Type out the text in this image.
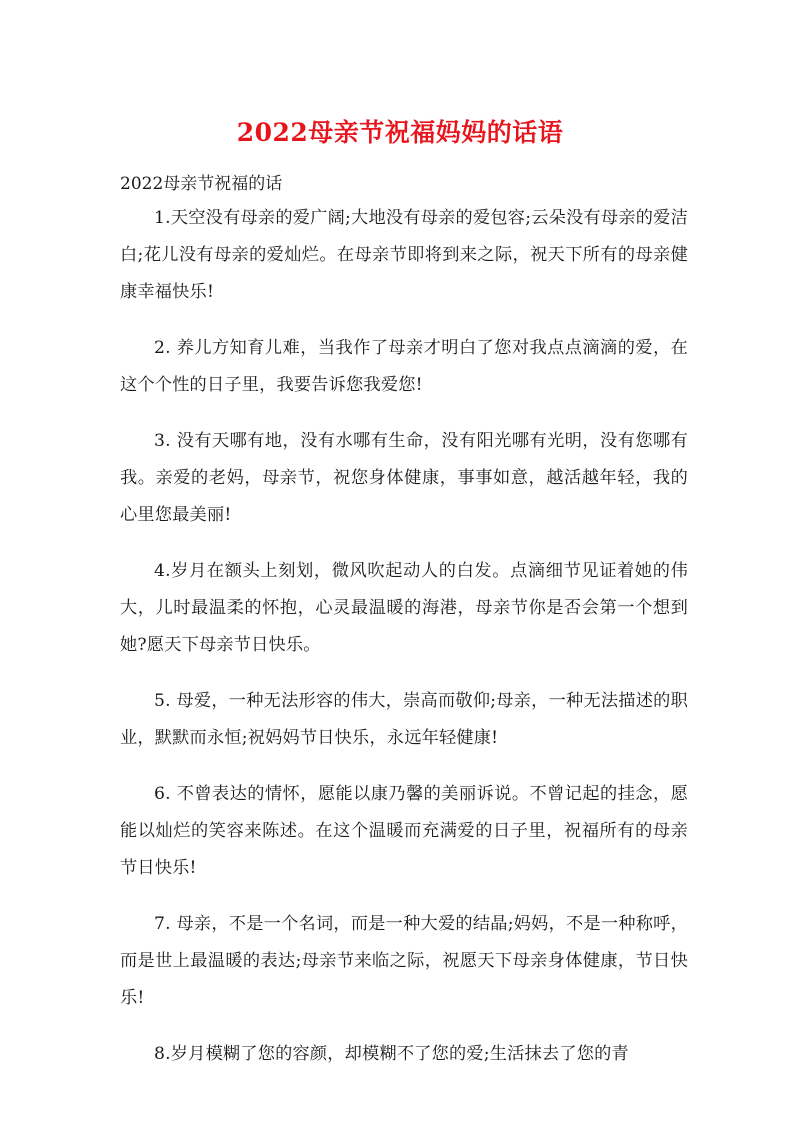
2022母亲节祝福妈妈的话语

2022母亲节祝福的话

1.天空没有母亲的爱广阔;大地没有母亲的爱包容;云朵没有母亲的爱洁白;花儿没有母亲的爱灿烂。在母亲节即将到来之际，祝天下所有的母亲健康幸福快乐!

2. 养儿方知育儿难，当我作了母亲才明白了您对我点点滴滴的爱，在这个个性的日子里，我要告诉您我爱您!

3. 没有天哪有地，没有水哪有生命，没有阳光哪有光明，没有您哪有我。亲爱的老妈，母亲节，祝您身体健康，事事如意，越活越年轻，我的心里您最美丽!

4.岁月在额头上刻划，微风吹起动人的白发。点滴细节见证着她的伟大，儿时最温柔的怀抱，心灵最温暖的海港，母亲节你是否会第一个想到她?愿天下母亲节日快乐。

5. 母爱，一种无法形容的伟大，崇高而敬仰;母亲，一种无法描述的职业，默默而永恒;祝妈妈节日快乐，永远年轻健康!

6. 不曾表达的情怀，愿能以康乃馨的美丽诉说。不曾记起的挂念，愿能以灿烂的笑容来陈述。在这个温暖而充满爱的日子里，祝福所有的母亲节日快乐!

7. 母亲，不是一个名词，而是一种大爱的结晶;妈妈，不是一种称呼，而是世上最温暖的表达;母亲节来临之际，祝愿天下母亲身体健康，节日快乐!

8.岁月模糊了您的容颜，却模糊不了您的爱;生活抹去了您的青
